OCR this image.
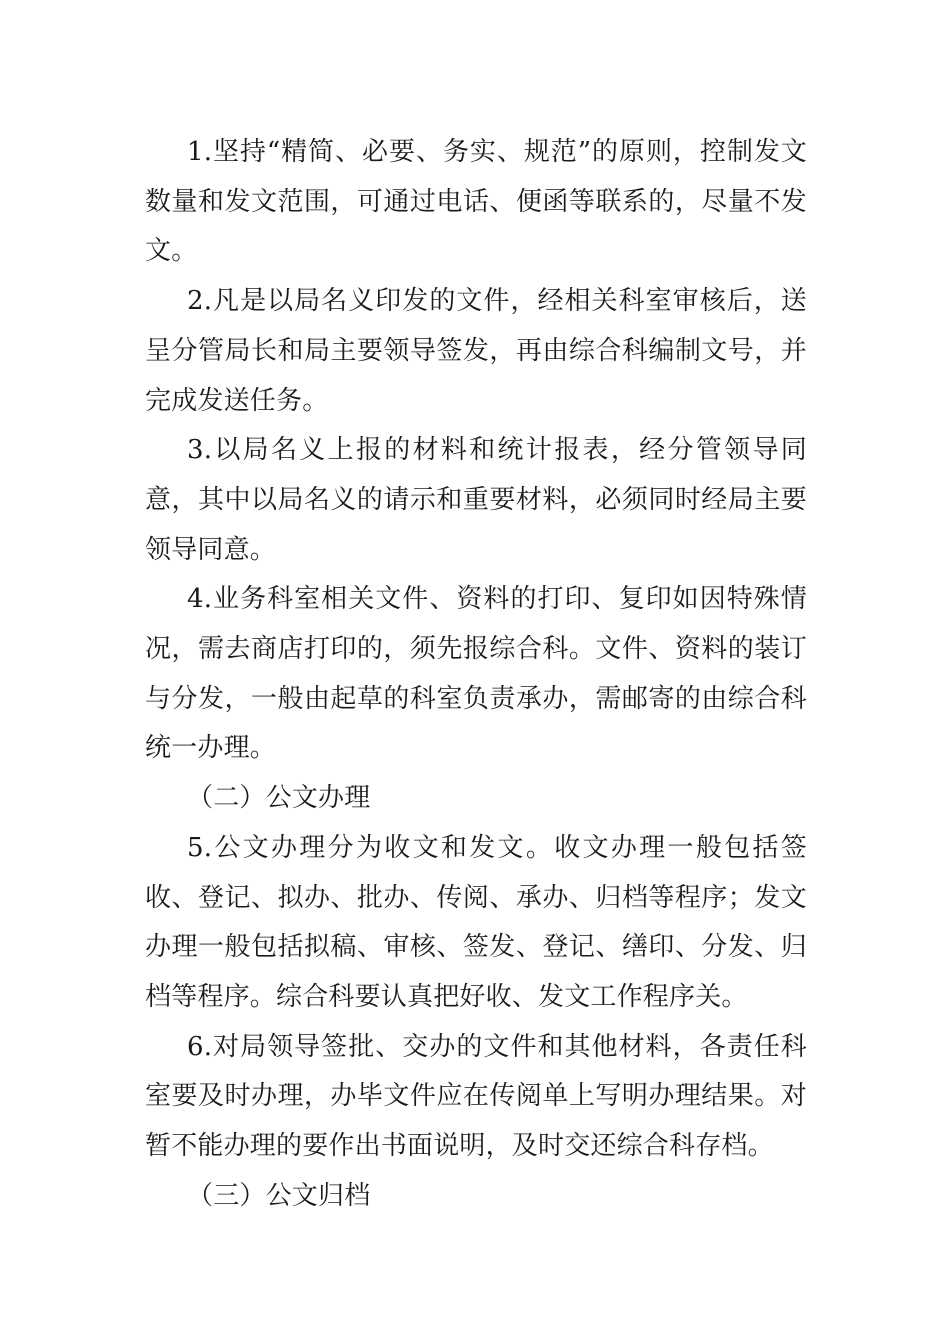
1.坚持“精简、必要、务实、规范”的原则，控制发文数量和发文范围，可通过电话、便函等联系的，尽量不发文。

2.凡是以局名义印发的文件，经相关科室审核后，送呈分管局长和局主要领导签发，再由综合科编制文号，并完成发送任务。

3.以局名义上报的材料和统计报表，经分管领导同意，其中以局名义的请示和重要材料，必须同时经局主要领导同意。

4.业务科室相关文件、资料的打印、复印如因特殊情况，需去商店打印的，须先报综合科。文件、资料的装订与分发，一般由起草的科室负责承办，需邮寄的由综合科统一办理。

（二）公文办理

5.公文办理分为收文和发文。收文办理一般包括签收、登记、拟办、批办、传阅、承办、归档等程序；发文办理一般包括拟稿、审核、签发、登记、缮印、分发、归档等程序。综合科要认真把好收、发文工作程序关。

6.对局领导签批、交办的文件和其他材料，各责任科室要及时办理，办毕文件应在传阅单上写明办理结果。对暂不能办理的要作出书面说明，及时交还综合科存档。

（三）公文归档
